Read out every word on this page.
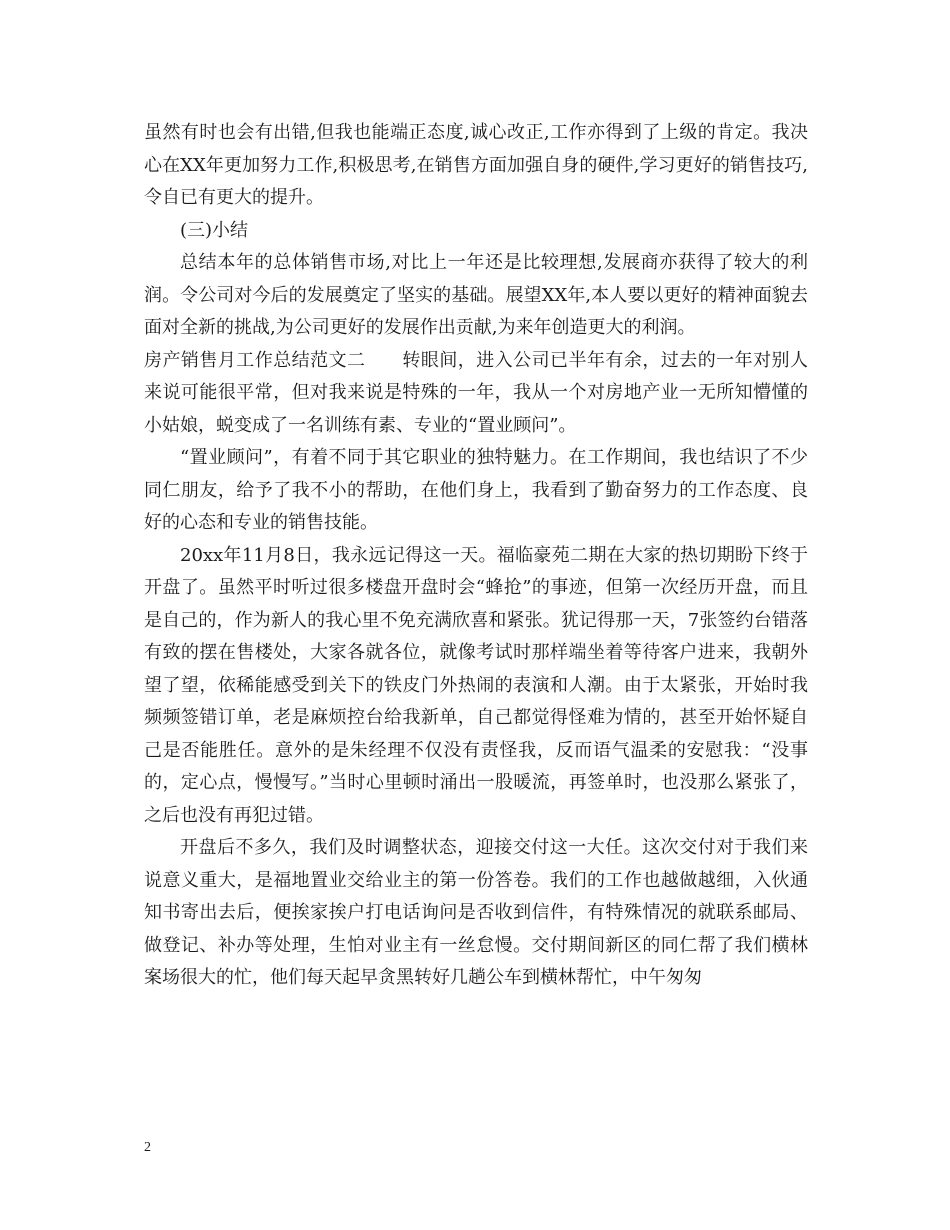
虽然有时也会有出错,但我也能端正态度,诚心改正,工作亦得到了上级的肯定。我决心在XX年更加努力工作,积极思考,在销售方面加强自身的硬件,学习更好的销售技巧,令自已有更大的提升。

(三)小结

总结本年的总体销售市场,对比上一年还是比较理想,发展商亦获得了较大的利润。令公司对今后的发展奠定了坚实的基础。展望XX年,本人要以更好的精神面貌去面对全新的挑战,为公司更好的发展作出贡献,为来年创造更大的利润。

房产销售月工作总结范文二　　转眼间，进入公司已半年有余，过去的一年对别人来说可能很平常，但对我来说是特殊的一年，我从一个对房地产业一无所知懵懂的小姑娘，蜕变成了一名训练有素、专业的“置业顾问”。

“置业顾问”，有着不同于其它职业的独特魅力。在工作期间，我也结识了不少同仁朋友，给予了我不小的帮助，在他们身上，我看到了勤奋努力的工作态度、良好的心态和专业的销售技能。

20xx年11月8日，我永远记得这一天。福临豪苑二期在大家的热切期盼下终于开盘了。虽然平时听过很多楼盘开盘时会“蜂抢”的事迹，但第一次经历开盘，而且是自己的，作为新人的我心里不免充满欣喜和紧张。犹记得那一天，7张签约台错落有致的摆在售楼处，大家各就各位，就像考试时那样端坐着等待客户进来，我朝外望了望，依稀能感受到关下的铁皮门外热闹的表演和人潮。由于太紧张，开始时我频频签错订单，老是麻烦控台给我新单，自己都觉得怪难为情的，甚至开始怀疑自己是否能胜任。意外的是朱经理不仅没有责怪我，反而语气温柔的安慰我：“没事的，定心点，慢慢写。”当时心里顿时涌出一股暖流，再签单时，也没那么紧张了，之后也没有再犯过错。

开盘后不多久，我们及时调整状态，迎接交付这一大任。这次交付对于我们来说意义重大，是福地置业交给业主的第一份答卷。我们的工作也越做越细，入伙通知书寄出去后，便挨家挨户打电话询问是否收到信件，有特殊情况的就联系邮局、做登记、补办等处理，生怕对业主有一丝怠慢。交付期间新区的同仁帮了我们横林案场很大的忙，他们每天起早贪黑转好几趟公车到横林帮忙，中午匆匆

2
